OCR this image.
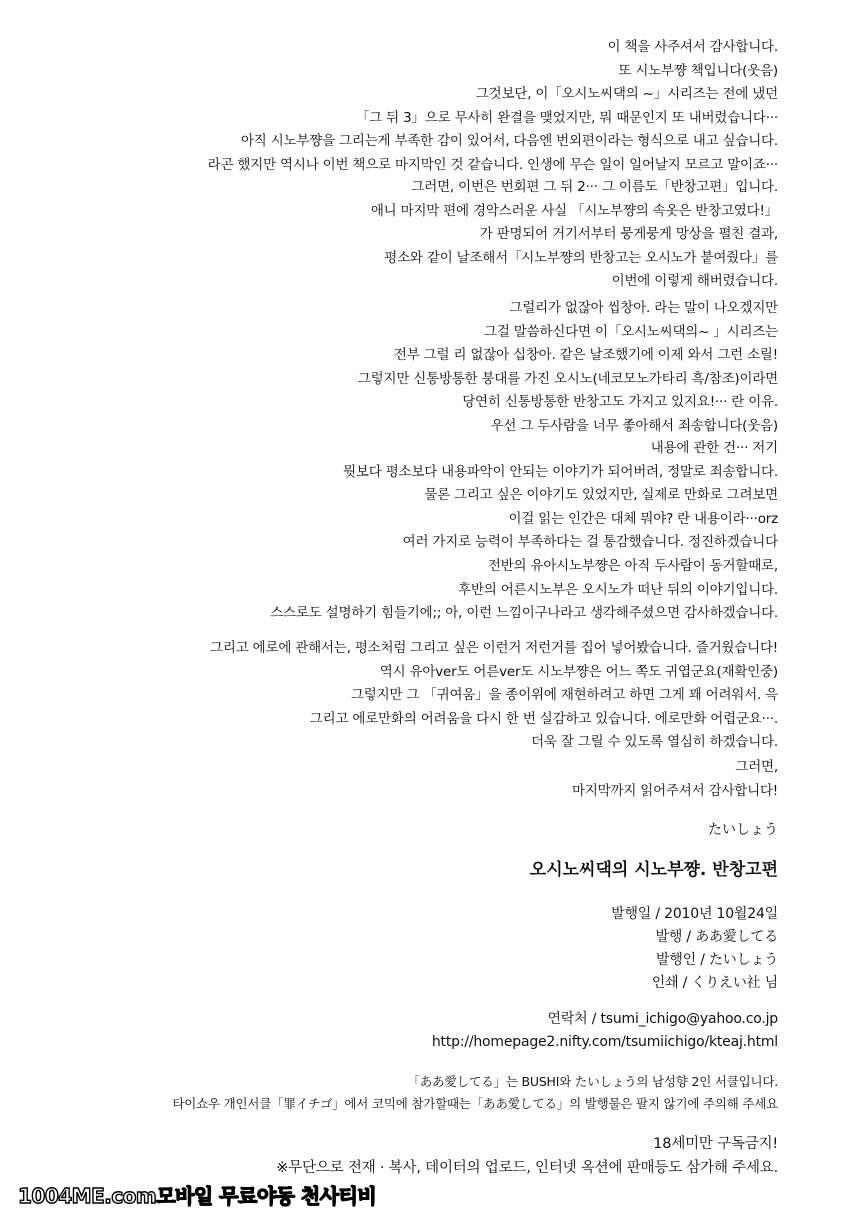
이 책을 사주셔서 감사합니다.
또 시노부쨩 책입니다(웃음)
그것보단, 이「오시노씨댁의 ~」시리즈는 전에 냈던
「그 뒤 3」으로 무사히 완결을 맺었지만, 뭐 때문인지 또 내버렸습니다···
아직 시노부쨩을 그리는게 부족한 감이 있어서, 다음엔 번외편이라는 형식으로 내고 싶습니다.
라곤 했지만 역시나 이번 책으로 마지막인 것 같습니다. 인생에 무슨 일이 일어날지 모르고 말이죠···
그러면, 이번은 번회편 그 뒤 2··· 그 이름도「반창고편」입니다.
애니 마지막 편에 경악스러운 사실 「시노부쨩의 속옷은 반창고였다!」
가 판명되어 거기서부터 뭉게뭉게 망상을 펼친 결과,
평소와 같이 날조해서「시노부쨩의 반창고는 오시노가 붙여줬다」를
이번에 이렇게 해버렸습니다.
그럴리가 없잖아 씹창아. 라는 말이 나오겠지만
그걸 말씀하신다면 이「오시노씨댁의~ 」시리즈는
전부 그럴 리 없잖아 십창아. 같은 날조했기에 이제 와서 그런 소릴!
그렇지만 신통방통한 붕대를 가진 오시노(네코모노가타리 흑/참조)이라면
당연히 신통방통한 반창고도 가지고 있지요!··· 란 이유.
우선 그 두사람을 너무 좋아해서 죄송합니다(웃음)
내용에 관한 건··· 저기
뭣보다 평소보다 내용파악이 안되는 이야기가 되어버려, 정말로 죄송합니다.
물론 그리고 싶은 이야기도 있었지만, 실제로 만화로 그려보면
이걸 읽는 인간은 대체 뭐야? 란 내용이라···orz
여러 가지로 능력이 부족하다는 걸 통감했습니다. 정진하겠습니다
전반의 유아시노부쨩은 아직 두사람이 동거할때로,
후반의 어른시노부은 오시노가 떠난 뒤의 이야기입니다.
스스로도 설명하기 힘들기에;; 아, 이런 느낌이구나라고 생각해주셨으면 감사하겠습니다.
그리고 에로에 관해서는, 평소처럼 그리고 싶은 이런거 저런거를 집어 넣어봤습니다. 즐거웠습니다!
역시 유아ver도 어른ver도 시노부쨩은 어느 쪽도 귀엽군요(재확인중)
그렇지만 그 「귀여움」을 종이위에 재현하려고 하면 그게 꽤 어려워서. 윽
그리고 에로만화의 어려움을 다시 한 번 실감하고 있습니다. 에로만화 어렵군요···.
더욱 잘 그릴 수 있도록 열심히 하겠습니다.
그러면,
마지막까지 읽어주셔서 감사합니다!
たいしょう
오시노씨댁의 시노부쨩. 반창고편
발행일 / 2010년 10월24일
발행 / ああ愛してる
발행인 / たいしょう
인쇄 / くりえい社 님
연락처 / tsumi_ichigo@yahoo.co.jp
http://homepage2.nifty.com/tsumiichigo/kteaj.html
「ああ愛してる」는 BUSHI와 たいしょう의 남성향 2인 서클입니다.
타이쇼우 개인서클「罪イチゴ」에서 코믹에 참가할때는「ああ愛してる」의 발행물은 팔지 않기에 주의해 주세요
18세미만 구독금지!
※무단으로 전재 · 복사, 데이터의 업로드, 인터넷 옥션에 판매등도 삼가해 주세요.
1004ME.com모바일 무료야동 천사티비
